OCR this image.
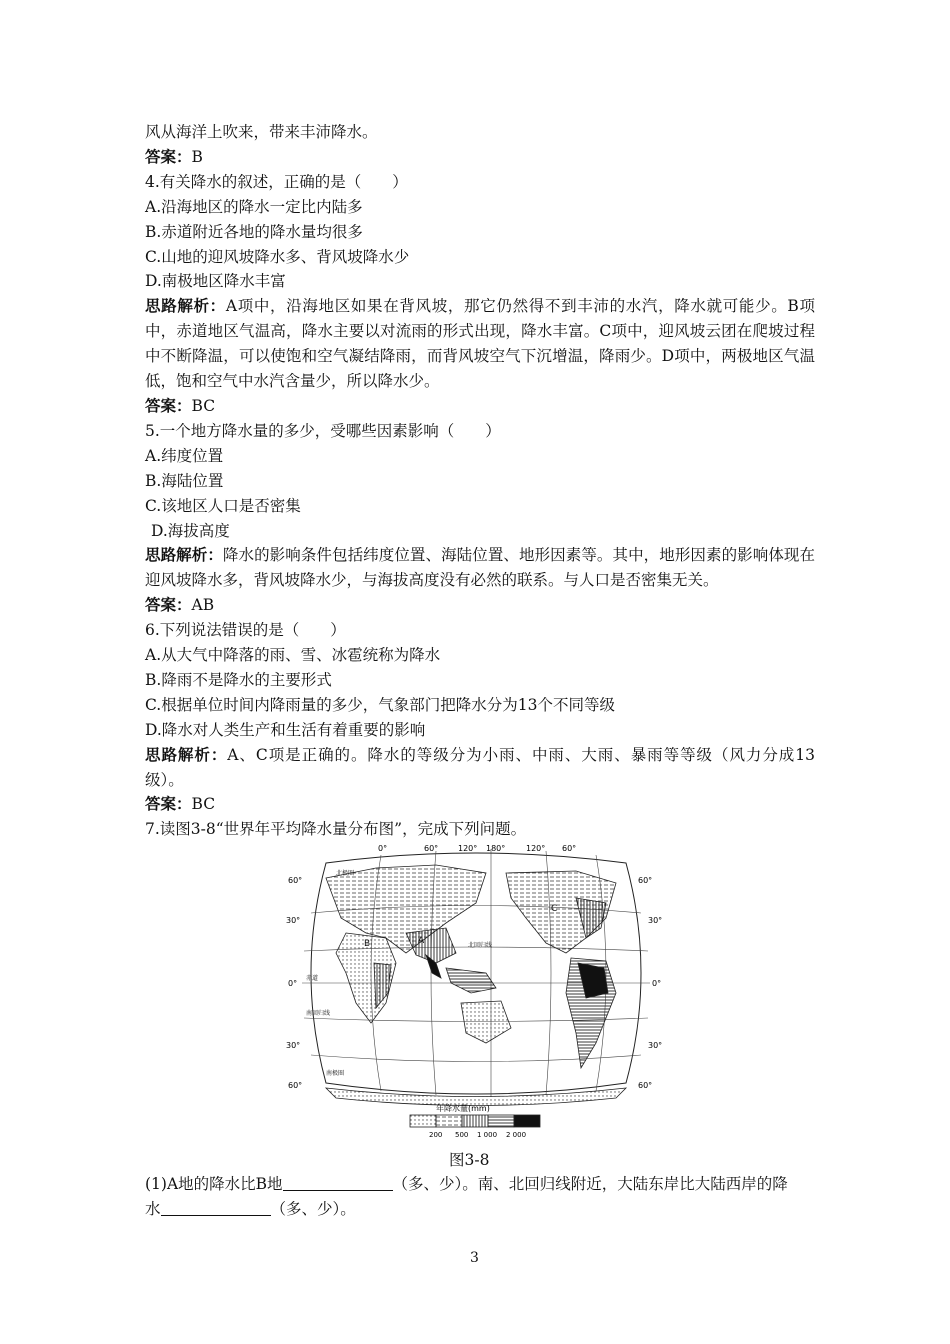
风从海洋上吹来，带来丰沛降水。
答案：B
4.有关降水的叙述，正确的是（　　）
A.沿海地区的降水一定比内陆多
B.赤道附近各地的降水量均很多
C.山地的迎风坡降水多、背风坡降水少
D.南极地区降水丰富
思路解析：A项中，沿海地区如果在背风坡，那它仍然得不到丰沛的水汽，降水就可能少。B项中，赤道地区气温高，降水主要以对流雨的形式出现，降水丰富。C项中，迎风坡云团在爬坡过程中不断降温，可以使饱和空气凝结降雨，而背风坡空气下沉增温，降雨少。D项中，两极地区气温低，饱和空气中水汽含量少，所以降水少。
答案：BC
5.一个地方降水量的多少，受哪些因素影响（　　）
A.纬度位置
B.海陆位置
C.该地区人口是否密集
D.海拔高度
思路解析：降水的影响条件包括纬度位置、海陆位置、地形因素等。其中，地形因素的影响体现在迎风坡降水多，背风坡降水少，与海拔高度没有必然的联系。与人口是否密集无关。
答案：AB
6.下列说法错误的是（　　）
A.从大气中降落的雨、雪、冰雹统称为降水
B.降雨不是降水的主要形式
C.根据单位时间内降雨量的多少，气象部门把降水分为13个不同等级
D.降水对人类生产和生活有着重要的影响
思路解析：A、C项是正确的。降水的等级分为小雨、中雨、大雨、暴雨等等级（风力分成13级）。
答案：BC
7.读图3-8“世界年平均降水量分布图”，完成下列问题。
A
B
C
北回归线
赤道
南回归线
南极圈
北极圈
0°	60° 120° 180°	120° 60°
60°
30°
0°
30°
60°
60°
30°
0°
30°
60°
年降水量(mm)
200 500 1 000 2 000
图3-8
(1)A地的降水比B地	（多、少）。南、北回归线附近，大陆东岸比大陆西岸的降
水	（多、少）。
3
